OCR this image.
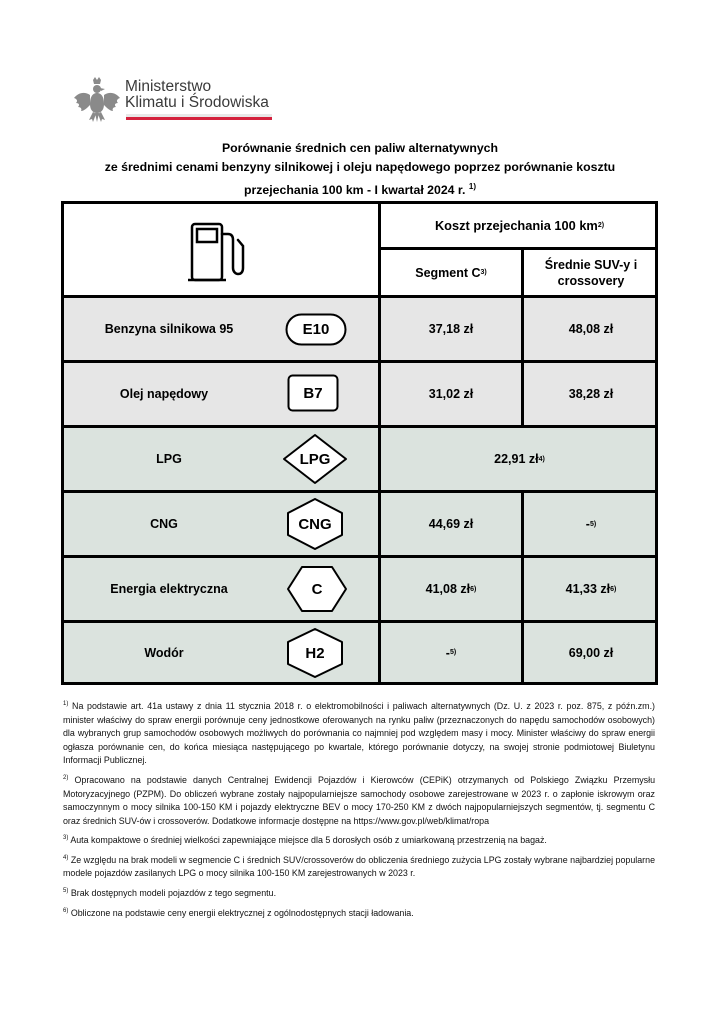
Ministerstwo
Klimatu i Środowiska
Porównanie średnich cen paliw alternatywnych
ze średnimi cenami benzyny silnikowej i oleju napędowego poprzez porównanie kosztu
przejechania 100 km - I kwartał 2024 r. $^{1)}$
Koszt przejechania 100 km 2)
Segment C 3)
Średnie SUV-y i crossovery
Benzyna silnikowa 95	E10	37,18 zł	48,08 zł
Olej napędowy	B7	31,02 zł	38,28 zł
LPG	LPG	22,91 zł 4)
CNG	CNG	44,69 zł	- 5)
Energia elektryczna	C	41,08 zł 6)	41,33 zł 6)
Wodór	H2	- 5)	69,00 zł

$^{1)}$ Na podstawie art. 41a ustawy z dnia 11 stycznia 2018 r. o elektromobilności i paliwach alternatywnych (Dz. U. z 2023 r. poz. 875, z późn.zm.) minister właściwy do spraw energii porównuje ceny jednostkowe oferowanych na rynku paliw (przeznaczonych do napędu samochodów osobowych) dla wybranych grup samochodów osobowych możliwych do porównania co najmniej pod względem masy i mocy. Minister właściwy do spraw energii ogłasza porównanie cen, do końca miesiąca następującego po kwartale, którego porównanie dotyczy, na swojej stronie podmiotowej Biuletynu Informacji Publicznej.

$^{2)}$ Opracowano na podstawie danych Centralnej Ewidencji Pojazdów i Kierowców (CEPiK) otrzymanych od Polskiego Związku Przemysłu Motoryzacyjnego (PZPM). Do obliczeń wybrane zostały najpopularniejsze samochody osobowe zarejestrowane w 2023 r. o zapłonie iskrowym oraz samoczynnym o mocy silnika 100-150 KM i pojazdy elektryczne BEV o mocy 170-250 KM z dwóch najpopularniejszych segmentów, tj. segmentu C oraz średnich SUV-ów i crossoverów. Dodatkowe informacje dostępne na https://www.gov.pl/web/klimat/ropa

$^{3)}$ Auta kompaktowe o średniej wielkości zapewniające miejsce dla 5 dorosłych osób z umiarkowaną przestrzenią na bagaż.

$^{4)}$ Ze względu na brak modeli w segmencie C i średnich SUV/crossoverów do obliczenia średniego zużycia LPG zostały wybrane najbardziej popularne modele pojazdów zasilanych LPG o mocy silnika 100-150 KM zarejestrowanych w 2023 r.

$^{5)}$ Brak dostępnych modeli pojazdów z tego segmentu.

$^{6)}$ Obliczone na podstawie ceny energii elektrycznej z ogólnodostępnych stacji ładowania.
